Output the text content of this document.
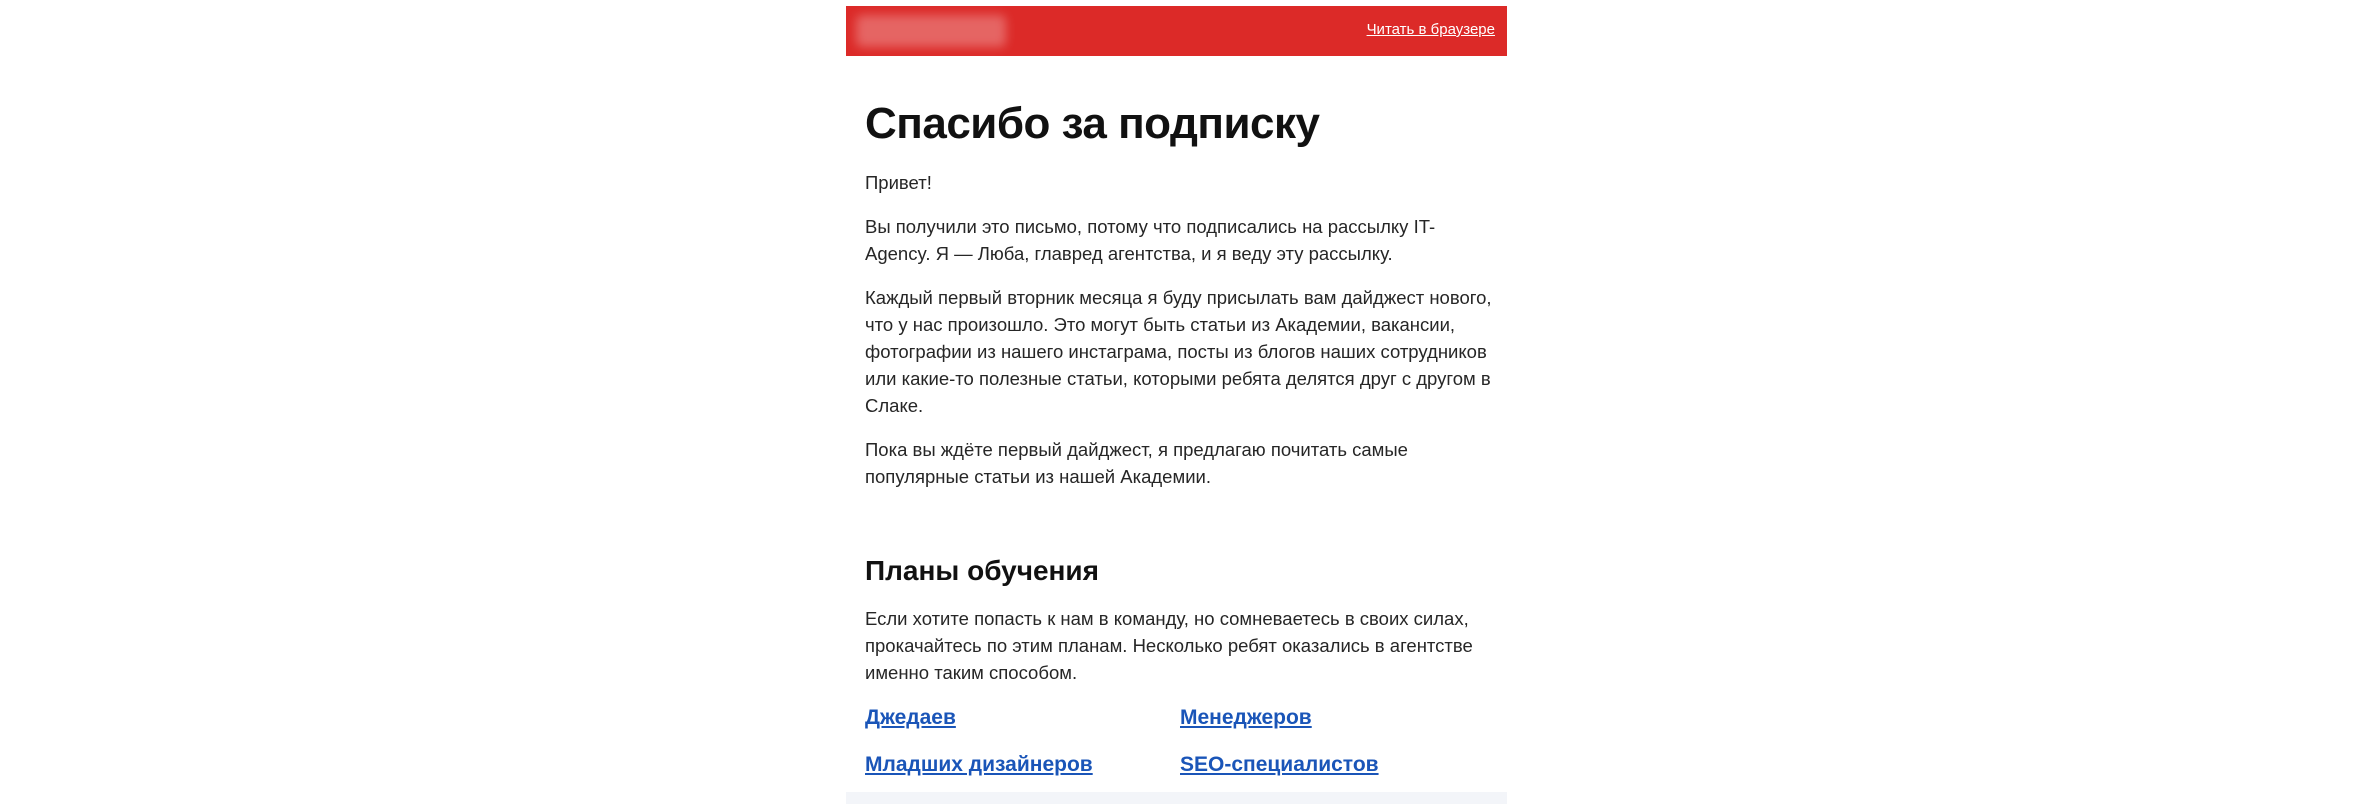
Читать в браузере
Спасибо за подписку

Привет!

Вы получили это письмо, потому что подписались на рассылку IT-Agency. Я — Люба, главред агентства, и я веду эту рассылку.

Каждый первый вторник месяца я буду присылать вам дайджест нового, что у нас произошло. Это могут быть статьи из Академии, вакансии, фотографии из нашего инстаграма, посты из блогов наших сотрудников или какие-то полезные статьи, которыми ребята делятся друг с другом в Слаке.

Пока вы ждёте первый дайджест, я предлагаю почитать самые популярные статьи из нашей Академии.

Планы обучения

Если хотите попасть к нам в команду, но сомневаетесь в своих силах, прокачайтесь по этим планам. Несколько ребят оказались в агентстве именно таким способом.

Джедаев	Менеджеров
Младших дизайнеров	SEO-специалистов
